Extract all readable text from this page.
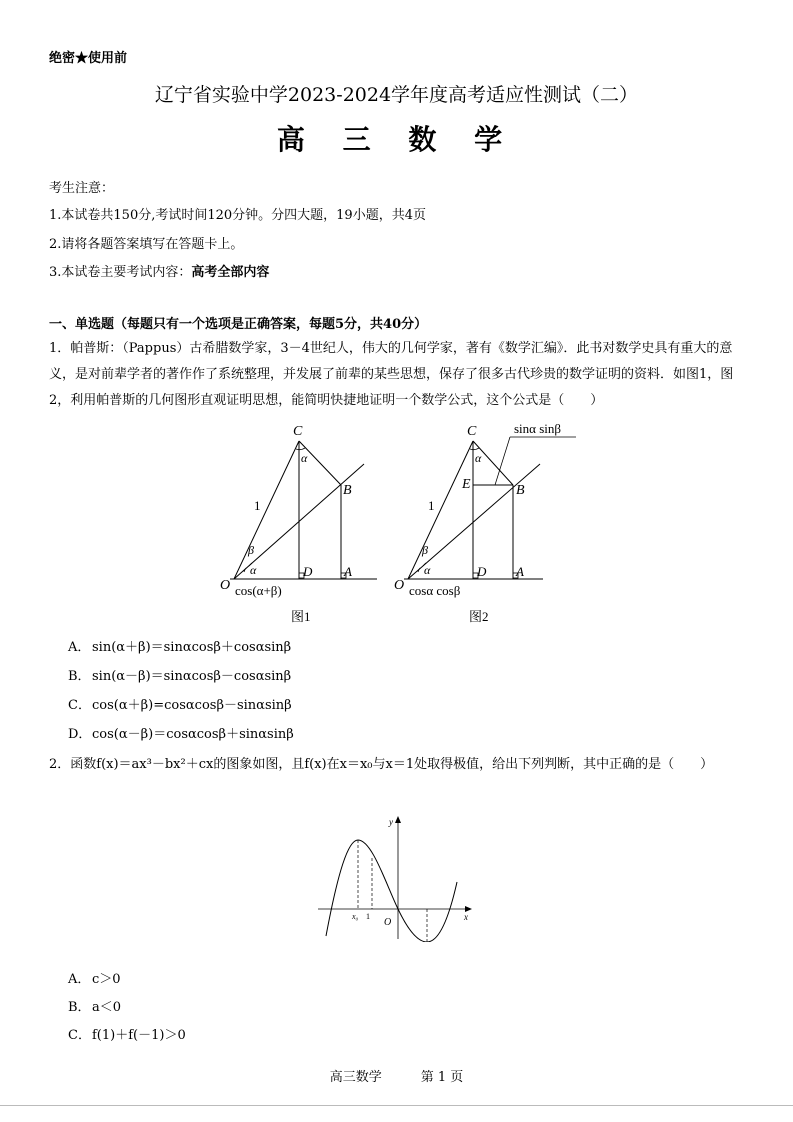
绝密★使用前
辽宁省实验中学2023-2024学年度高考适应性测试（二）
高 三 数 学
考生注意：
1.本试卷共150分,考试时间120分钟。分四大题，19小题，共4页
2.请将各题答案填写在答题卡上。
3.本试卷主要考试内容：高考全部内容
一、单选题（每题只有一个选项是正确答案，每题5分，共40分）
1．帕普斯：（Pappus）古希腊数学家，3－4世纪人，伟大的几何学家，著有《数学汇编》．此书对数学史具有重大的意义，是对前辈学者的著作作了系统整理，并发展了前辈的某些思想，保存了很多古代珍贵的数学证明的资料．如图1，图2，利用帕普斯的几何图形直观证明思想，能简明快捷地证明一个数学公式，这个公式是（　　）
C
B
O
D A
1
α
β
α
cos(α+β)
图1
C
B
E
O
D A
1
α
β
α
sinα sinβ
cosα cosβ
图2
A． sin(α＋β)＝sinαcosβ＋cosαsinβ
B．sin(α－β)＝sinαcosβ－cosαsinβ
C．cos(α＋β)=cosαcosβ－sinαsinβ
D．cos(α－β)＝cosαcosβ＋sinαsinβ
2．函数f(x)＝ax³－bx²＋cx的图象如图，且f(x)在x＝x₀与x＝1处取得极值，给出下列判断，其中正确的是（　　）
y
x
O
x₀ 1
A． c＞0
B．a＜0
C．f(1)＋f(－1)＞0
高三数学　　　第 1 页
